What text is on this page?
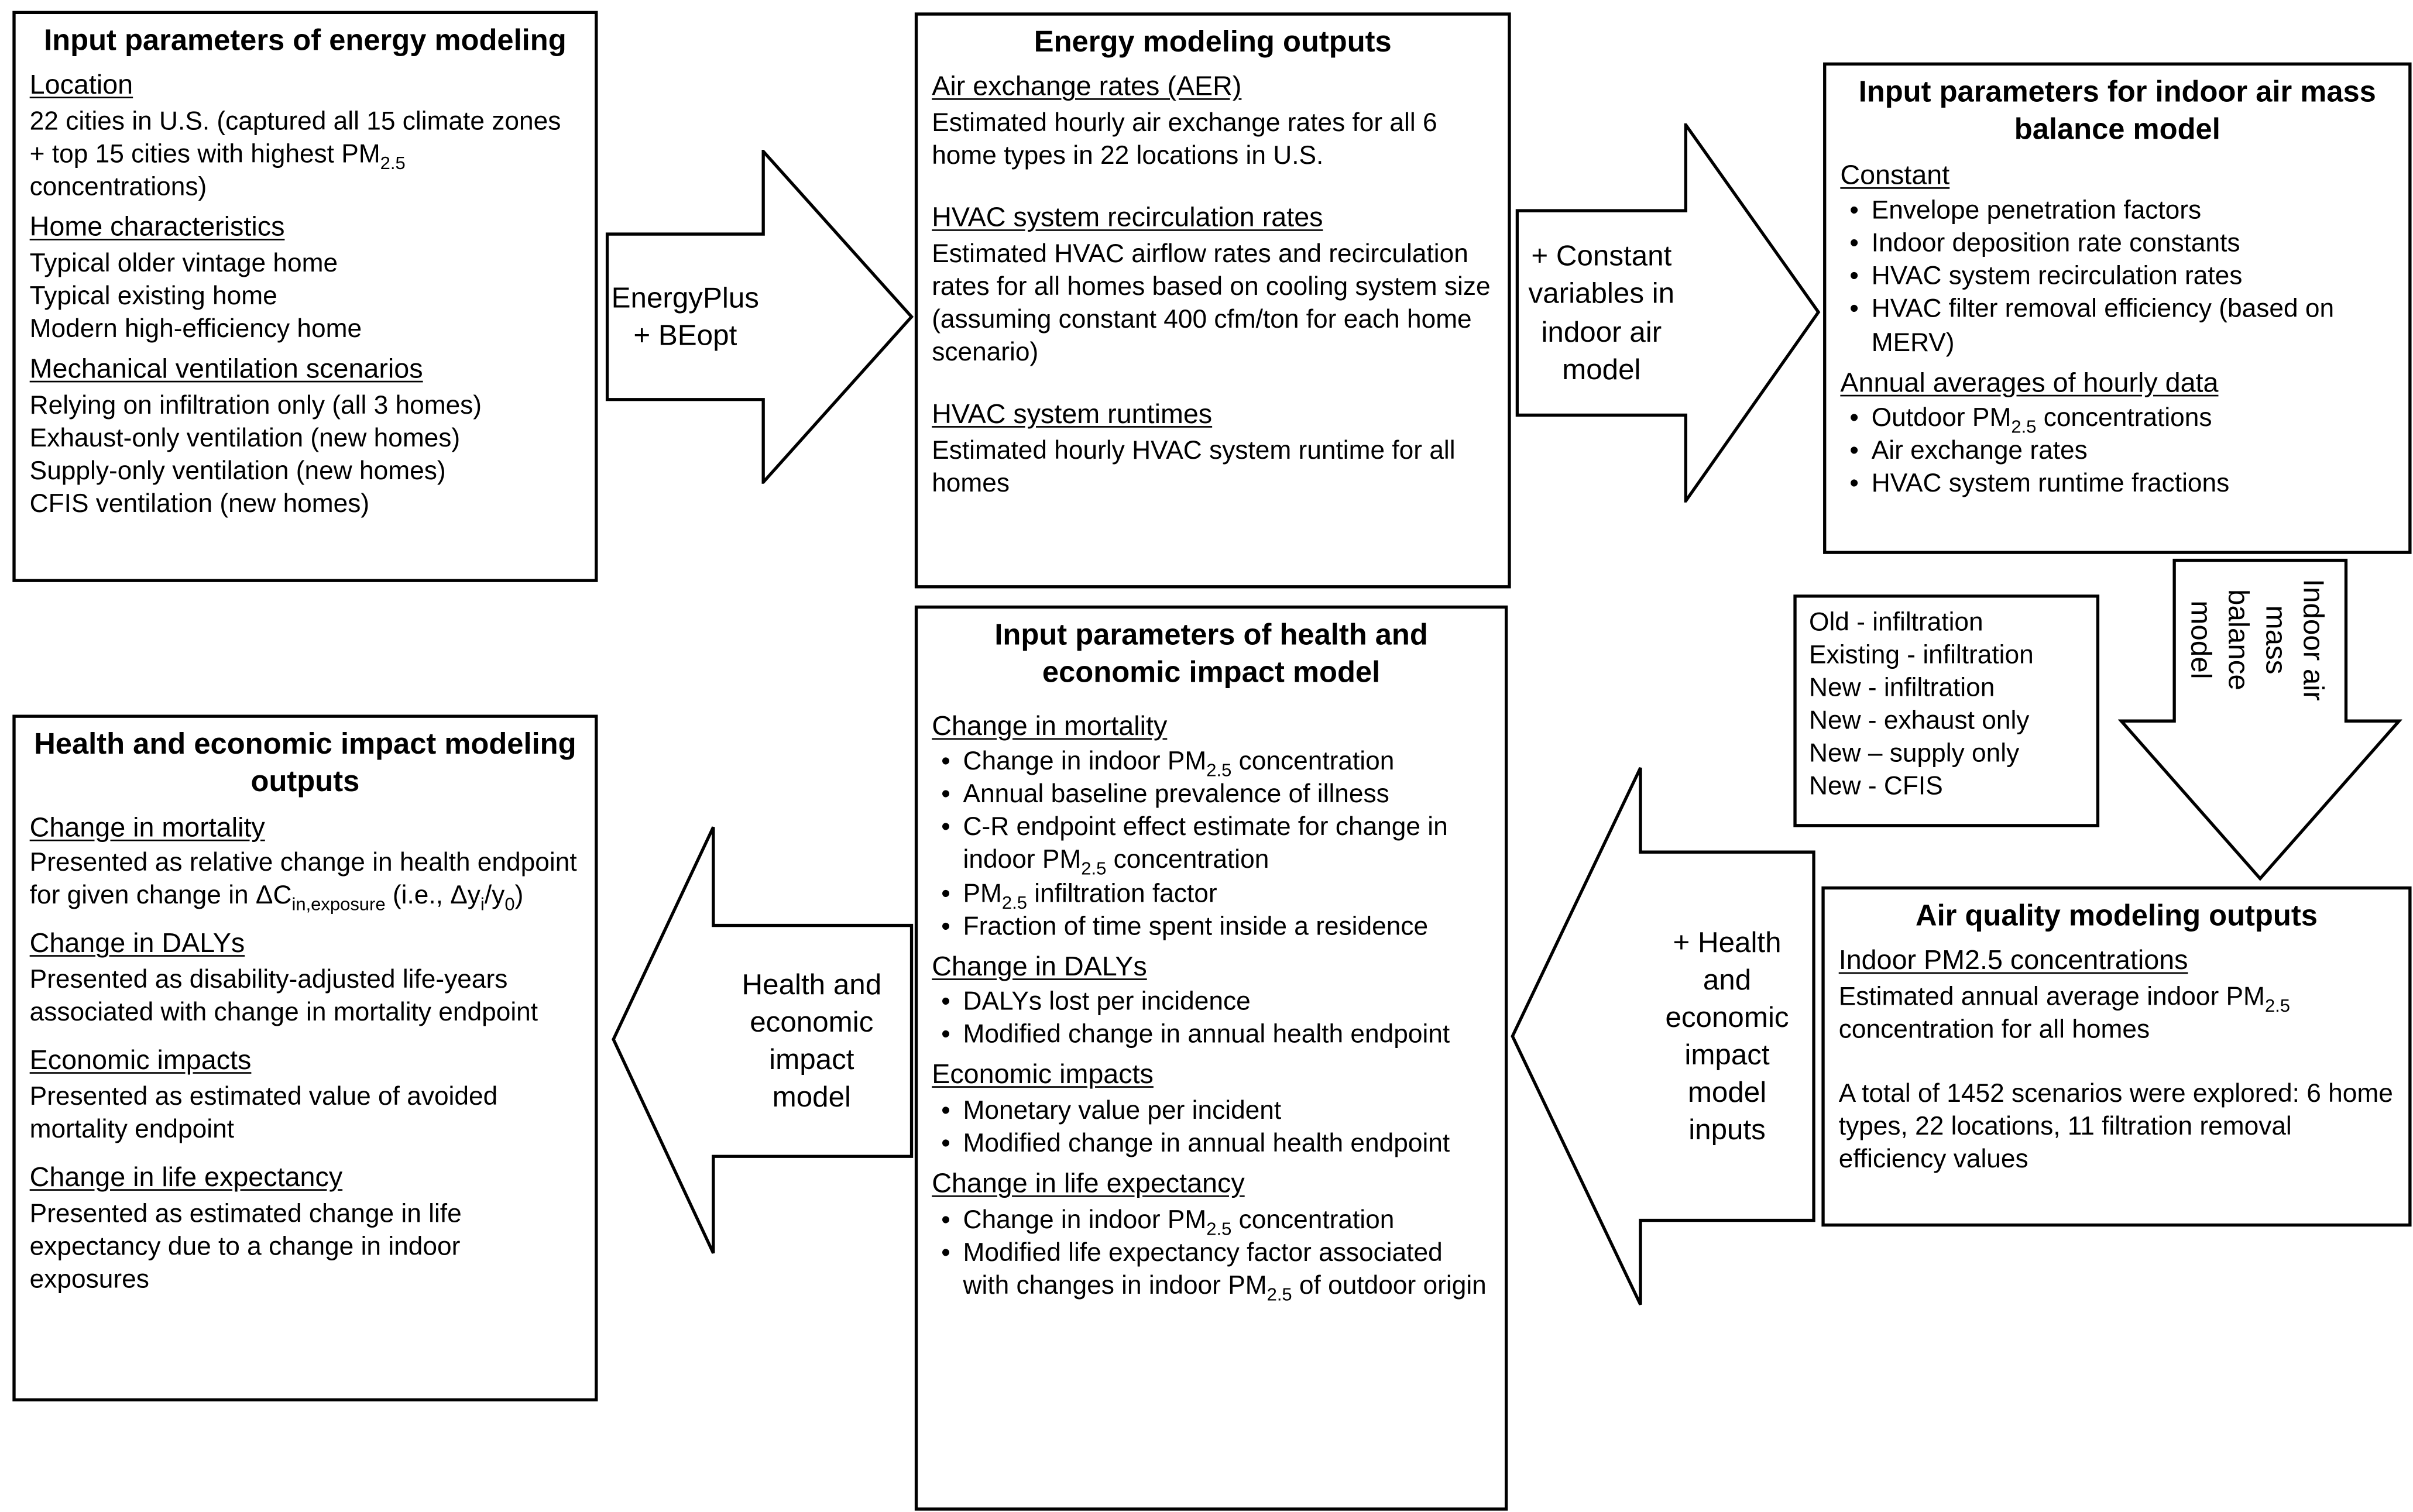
Input parameters of energy modeling
Location
22 cities in U.S. (captured all 15 climate zones + top 15 cities with highest $PM_{2.5}$ concentrations)
Home characteristics
Typical older vintage home
Typical existing home
Modern high-efficiency home
Mechanical ventilation scenarios
Relying on infiltration only (all 3 homes)
Exhaust-only ventilation (new homes)
Supply-only ventilation (new homes)
CFIS ventilation (new homes)
EnergyPlus + BEopt
Energy modeling outputs
Air exchange rates (AER)
Estimated hourly air exchange rates for all 6 home types in 22 locations in U.S.
HVAC system recirculation rates
Estimated HVAC airflow rates and recirculation rates for all homes based on cooling system size (assuming constant 400 cfm/ton for each home scenario)
HVAC system runtimes
Estimated hourly HVAC system runtime for all homes
+ Constant variables in indoor air model
Input parameters for indoor air mass balance model
Constant
• Envelope penetration factors
• Indoor deposition rate constants
• HVAC system recirculation rates
• HVAC filter removal efficiency (based on MERV)
Annual averages of hourly data
• Outdoor $PM_{2.5}$ concentrations
• Air exchange rates
• HVAC system runtime fractions
Old - infiltration
Existing - infiltration
New - infiltration
New - exhaust only
New – supply only
New - CFIS
Indoor air mass balance model
Air quality modeling outputs
Indoor PM2.5 concentrations
Estimated annual average indoor $PM_{2.5}$ concentration for all homes
A total of 1452 scenarios were explored: 6 home types, 22 locations, 11 filtration removal efficiency values
+ Health and economic impact model inputs
Input parameters of health and economic impact model
Change in mortality
• Change in indoor $PM_{2.5}$ concentration
• Annual baseline prevalence of illness
• C-R endpoint effect estimate for change in indoor $PM_{2.5}$ concentration
• $PM_{2.5}$ infiltration factor
• Fraction of time spent inside a residence
Change in DALYs
• DALYs lost per incidence
• Modified change in annual health endpoint
Economic impacts
• Monetary value per incident
• Modified change in annual health endpoint
Change in life expectancy
• Change in indoor $PM_{2.5}$ concentration
• Modified life expectancy factor associated with changes in indoor $PM_{2.5}$ of outdoor origin
Health and economic impact model
Health and economic impact modeling outputs
Change in mortality
Presented as relative change in health endpoint for given change in $\Delta C_{in,exposure}$ (i.e., $\Delta y_i/y_0$)
Change in DALYs
Presented as disability-adjusted life-years associated with change in mortality endpoint
Economic impacts
Presented as estimated value of avoided mortality endpoint
Change in life expectancy
Presented as estimated change in life expectancy due to a change in indoor exposures
